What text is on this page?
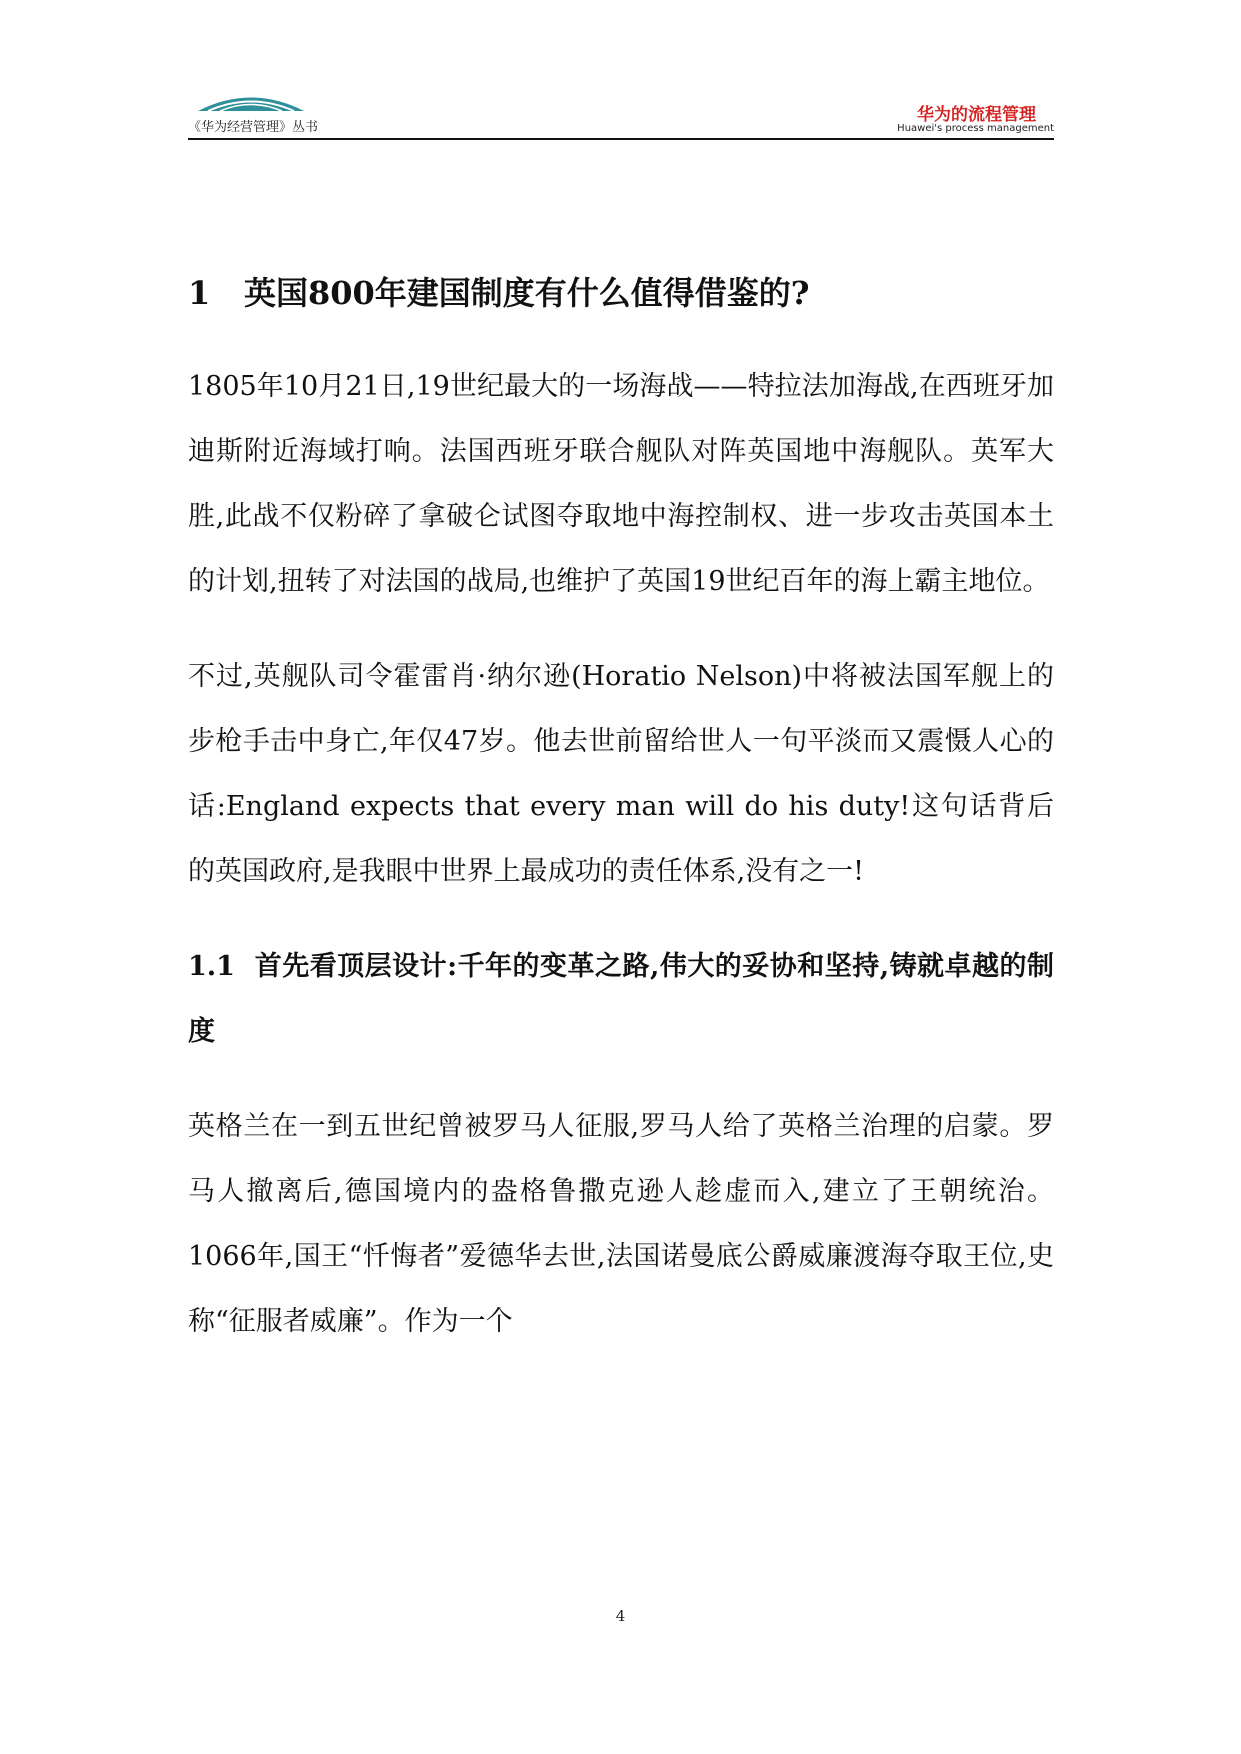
《华为经营管理》丛书
华为的流程管理
Huawei's process management
1 英国800年建国制度有什么值得借鉴的?

1805年10月21日,19世纪最大的一场海战——特拉法加海战,在西班牙加迪斯附近海域打响。法国西班牙联合舰队对阵英国地中海舰队。英军大胜,此战不仅粉碎了拿破仑试图夺取地中海控制权、进一步攻击英国本土的计划,扭转了对法国的战局,也维护了英国19世纪百年的海上霸主地位。

不过,英舰队司令霍雷肖·纳尔逊(Horatio Nelson)中将被法国军舰上的步枪手击中身亡,年仅47岁。他去世前留给世人一句平淡而又震慑人心的话:England expects that every man will do his duty!这句话背后的英国政府,是我眼中世界上最成功的责任体系,没有之一!

1.1 首先看顶层设计:千年的变革之路,伟大的妥协和坚持,铸就卓越的制度

英格兰在一到五世纪曾被罗马人征服,罗马人给了英格兰治理的启蒙。罗马人撤离后,德国境内的盎格鲁撒克逊人趁虚而入,建立了王朝统治。1066年,国王“忏悔者”爱德华去世,法国诺曼底公爵威廉渡海夺取王位,史称“征服者威廉”。作为一个

4
